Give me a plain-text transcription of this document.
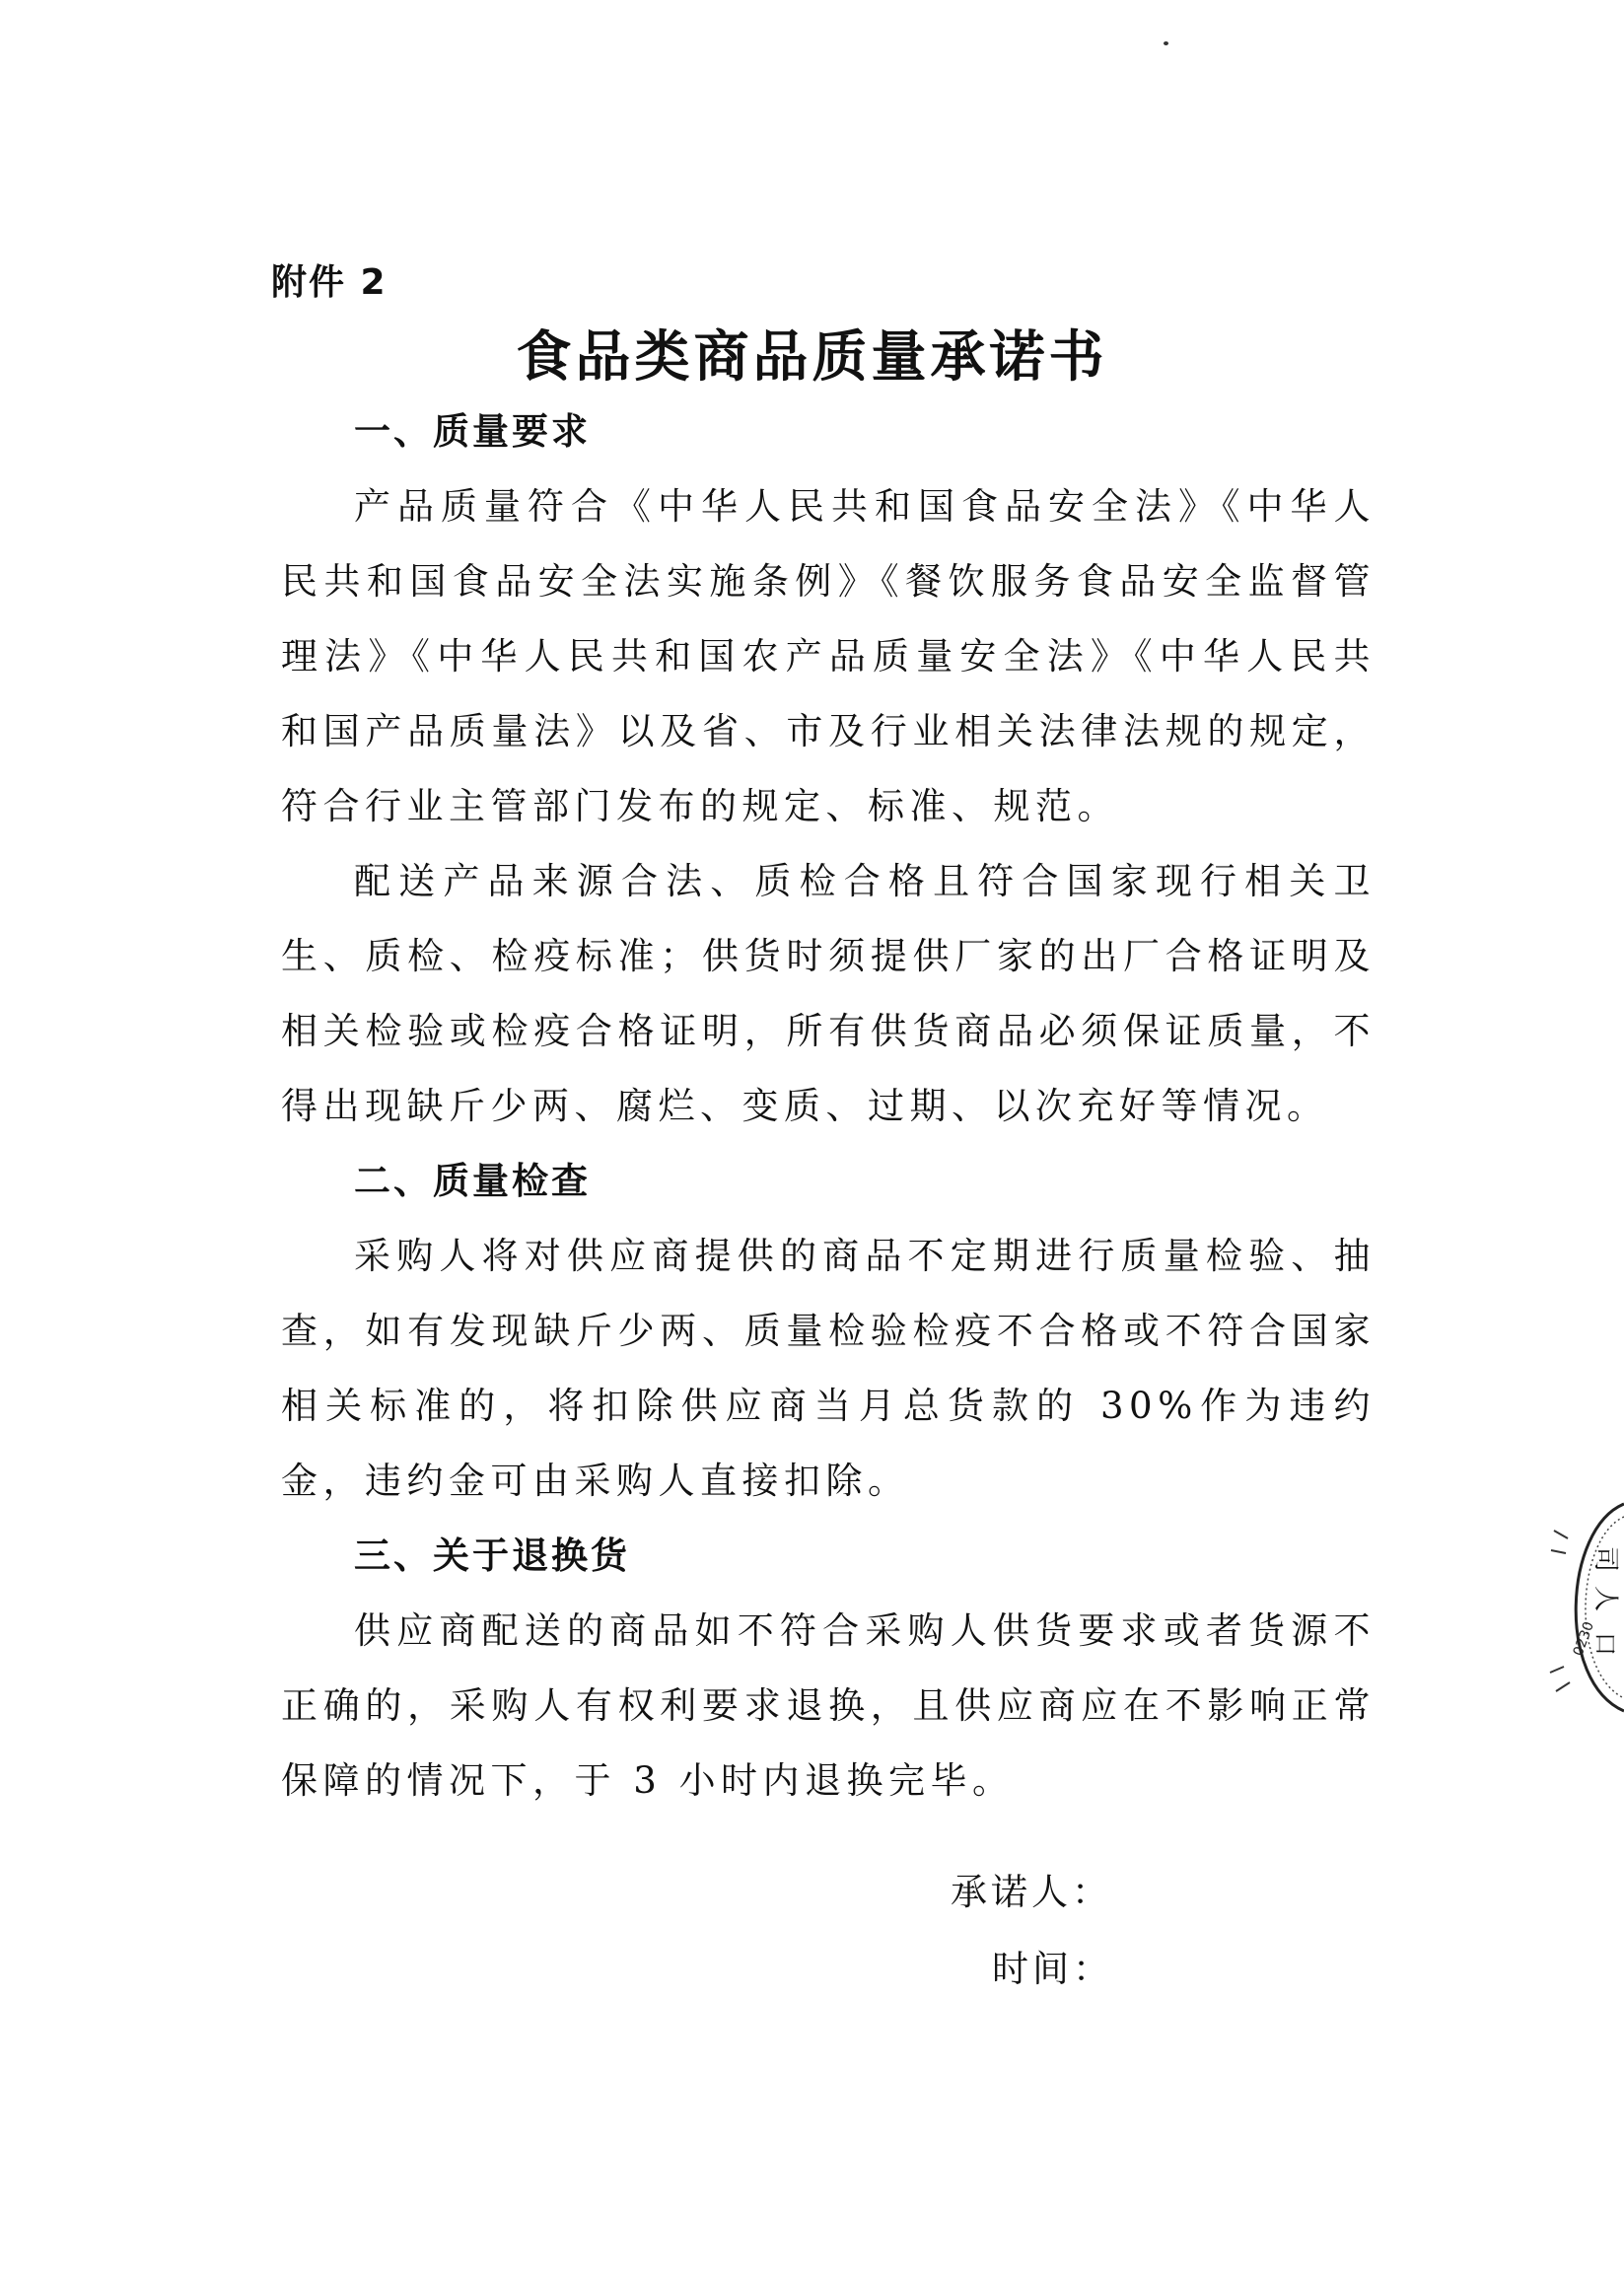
附件 2
食品类商品质量承诺书
一、质量要求

产品质量符合《中华人民共和国食品安全法》《中华人民共和国食品安全法实施条例》《餐饮服务食品安全监督管理法》《中华人民共和国农产品质量安全法》《中华人民共和国产品质量法》以及省、市及行业相关法律法规的规定，符合行业主管部门发布的规定、标准、规范。

配送产品来源合法、质检合格且符合国家现行相关卫生、质检、检疫标准；供货时须提供厂家的出厂合格证明及相关检验或检疫合格证明，所有供货商品必须保证质量，不得出现缺斤少两、腐烂、变质、过期、以次充好等情况。

二、质量检查

采购人将对供应商提供的商品不定期进行质量检验、抽查，如有发现缺斤少两、质量检验检疫不合格或不符合国家相关标准的，将扣除供应商当月总货款的 30%作为违约金，违约金可由采购人直接扣除。

三、关于退换货

供应商配送的商品如不符合采购人供货要求或者货源不正确的，采购人有权利要求退换，且供应商应在不影响正常保障的情况下，于 3 小时内退换完毕。

承诺人：
时间：
司
人
口
0230
